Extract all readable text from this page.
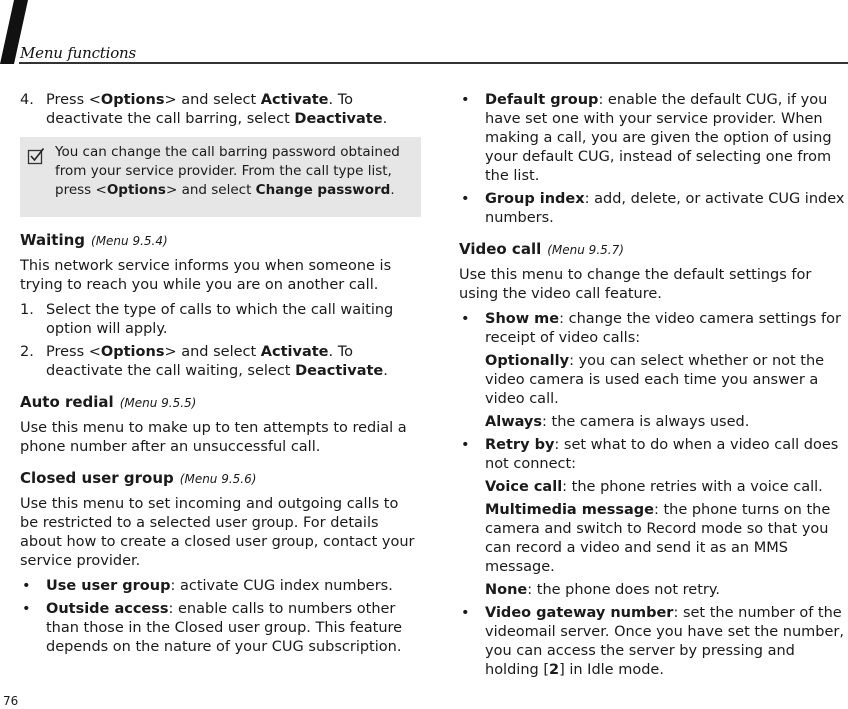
Menu functions
4. Press <Options> and select Activate. To deactivate the call barring, select Deactivate.
You can change the call barring password obtained from your service provider. From the call type list, press <Options> and select Change password.
Waiting (Menu 9.5.4)

This network service informs you when someone is trying to reach you while you are on another call.

1. Select the type of calls to which the call waiting option will apply.
2. Press <Options> and select Activate. To deactivate the call waiting, select Deactivate.
Auto redial (Menu 9.5.5)

Use this menu to make up to ten attempts to redial a phone number after an unsuccessful call.

Closed user group (Menu 9.5.6)

Use this menu to set incoming and outgoing calls to be restricted to a selected user group. For details about how to create a closed user group, contact your service provider.

• Use user group: activate CUG index numbers.
• Outside access: enable calls to numbers other than those in the Closed user group. This feature depends on the nature of your CUG subscription.
• Default group: enable the default CUG, if you have set one with your service provider. When making a call, you are given the option of using your default CUG, instead of selecting one from the list.
• Group index: add, delete, or activate CUG index numbers.
Video call (Menu 9.5.7)

Use this menu to change the default settings for using the video call feature.

• Show me: change the video camera settings for receipt of video calls:
Optionally: you can select whether or not the video camera is used each time you answer a video call.
Always: the camera is always used.
• Retry by: set what to do when a video call does not connect:
Voice call: the phone retries with a voice call.
Multimedia message: the phone turns on the camera and switch to Record mode so that you can record a video and send it as an MMS message.
None: the phone does not retry.
• Video gateway number: set the number of the videomail server. Once you have set the number, you can access the server by pressing and holding [2] in Idle mode.
76
